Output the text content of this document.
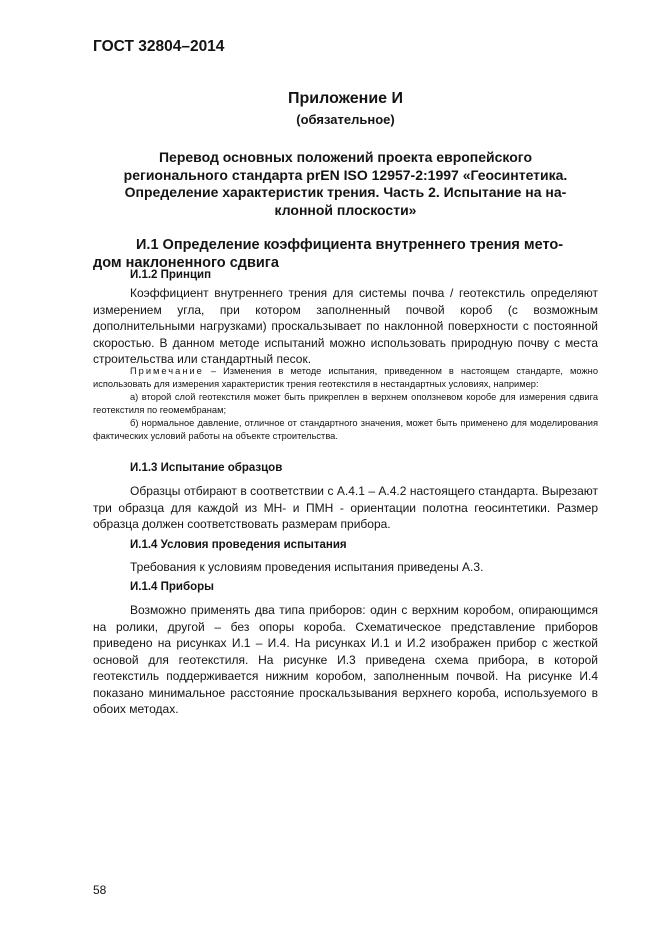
ГОСТ 32804–2014
Приложение И
(обязательное)
Перевод основных положений проекта европейского
регионального стандарта prEN ISO 12957-2:1997 «Геосинтетика.
Определение характеристик трения. Часть 2. Испытание на на-
клонной плоскости»
И.1 Определение коэффициента внутреннего трения мето-
дом наклоненного сдвига
И.1.2 Принцип
Коэффициент внутреннего трения для системы почва / геотекстиль определяют измерением угла, при котором заполненный почвой короб (с возможным дополнительными нагрузками) проскальзывает по наклонной поверхности с постоянной скоростью. В данном методе испытаний можно использовать природную почву с места строительства или стандартный песок.
Примечание – Изменения в методе испытания, приведенном в настоящем стандарте, можно использовать для измерения характеристик трения геотекстиля в нестандартных условиях, например:
а) второй слой геотекстиля может быть прикреплен в верхнем оползневом коробе для измерения сдвига геотекстиля по геомембранам;
б) нормальное давление, отличное от стандартного значения, может быть применено для моделирования фактических условий работы на объекте строительства.
И.1.3 Испытание образцов
Образцы отбирают в соответствии с А.4.1 – А.4.2 настоящего стандарта. Вырезают три образца для каждой из МН- и ПМН - ориентации полотна геосинтетики. Размер образца должен соответствовать размерам прибора.
И.1.4 Условия проведения испытания
Требования к условиям проведения испытания приведены А.3.
И.1.4 Приборы
Возможно применять два типа приборов: один с верхним коробом, опирающимся на ролики, другой – без опоры короба. Схематическое представление приборов приведено на рисунках И.1 – И.4. На рисунках И.1 и И.2 изображен прибор с жесткой основой для геотекстиля. На рисунке И.3 приведена схема прибора, в которой геотекстиль поддерживается нижним коробом, заполненным почвой. На рисунке И.4 показано минимальное расстояние проскальзывания верхнего короба, используемого в обоих методах.
58
